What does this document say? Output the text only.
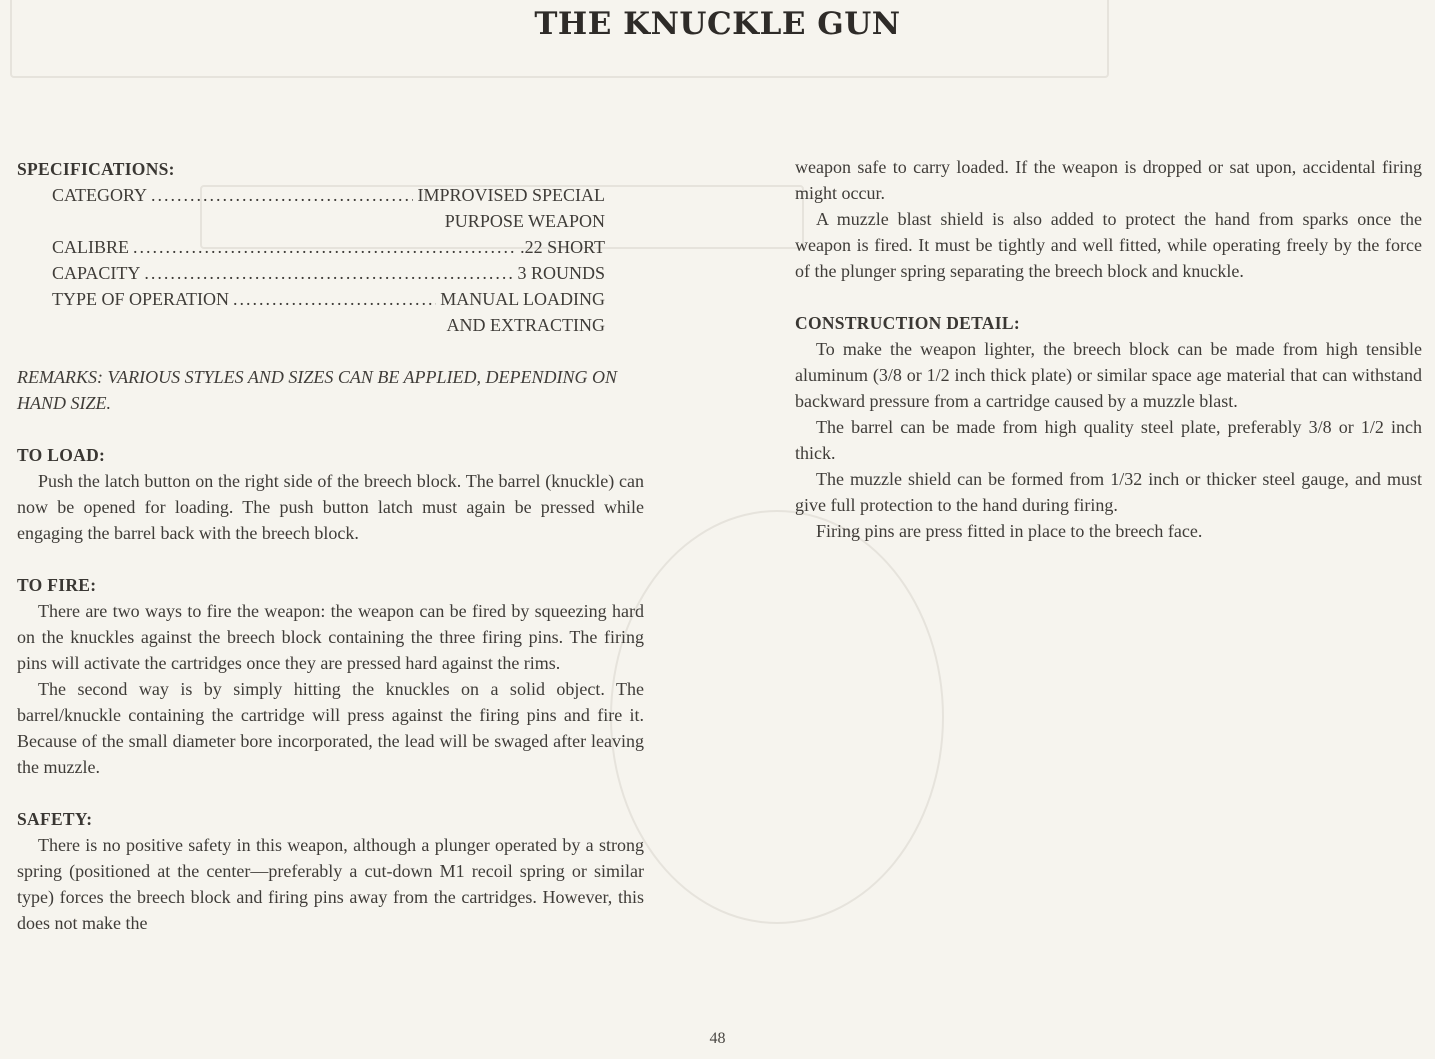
THE KNUCKLE GUN
SPECIFICATIONS:
CATEGORY .....	IMPROVISED SPECIAL
PURPOSE WEAPON
CALIBRE .....	.22 SHORT
CAPACITY .....	3 ROUNDS
TYPE OF OPERATION .....	MANUAL LOADING
AND EXTRACTING

REMARKS: VARIOUS STYLES AND SIZES CAN BE APPLIED, DEPENDING ON HAND SIZE.

TO LOAD:

Push the latch button on the right side of the breech block. The barrel (knuckle) can now be opened for loading. The push button latch must again be pressed while engaging the barrel back with the breech block.

TO FIRE:

There are two ways to fire the weapon: the weapon can be fired by squeezing hard on the knuckles against the breech block containing the three firing pins. The firing pins will activate the cartridges once they are pressed hard against the rims.

The second way is by simply hitting the knuckles on a solid object. The barrel/knuckle containing the cartridge will press against the firing pins and fire it. Because of the small diameter bore incorporated, the lead will be swaged after leaving the muzzle.

SAFETY:

There is no positive safety in this weapon, although a plunger operated by a strong spring (positioned at the center—preferably a cut-down M1 recoil spring or similar type) forces the breech block and firing pins away from the cartridges. However, this does not make the

weapon safe to carry loaded. If the weapon is dropped or sat upon, accidental firing might occur.

A muzzle blast shield is also added to protect the hand from sparks once the weapon is fired. It must be tightly and well fitted, while operating freely by the force of the plunger spring separating the breech block and knuckle.

CONSTRUCTION DETAIL:

To make the weapon lighter, the breech block can be made from high tensible aluminum (3/8 or 1/2 inch thick plate) or similar space age material that can withstand backward pressure from a cartridge caused by a muzzle blast.

The barrel can be made from high quality steel plate, preferably 3/8 or 1/2 inch thick.

The muzzle shield can be formed from 1/32 inch or thicker steel gauge, and must give full protection to the hand during firing.

Firing pins are press fitted in place to the breech face.

48
